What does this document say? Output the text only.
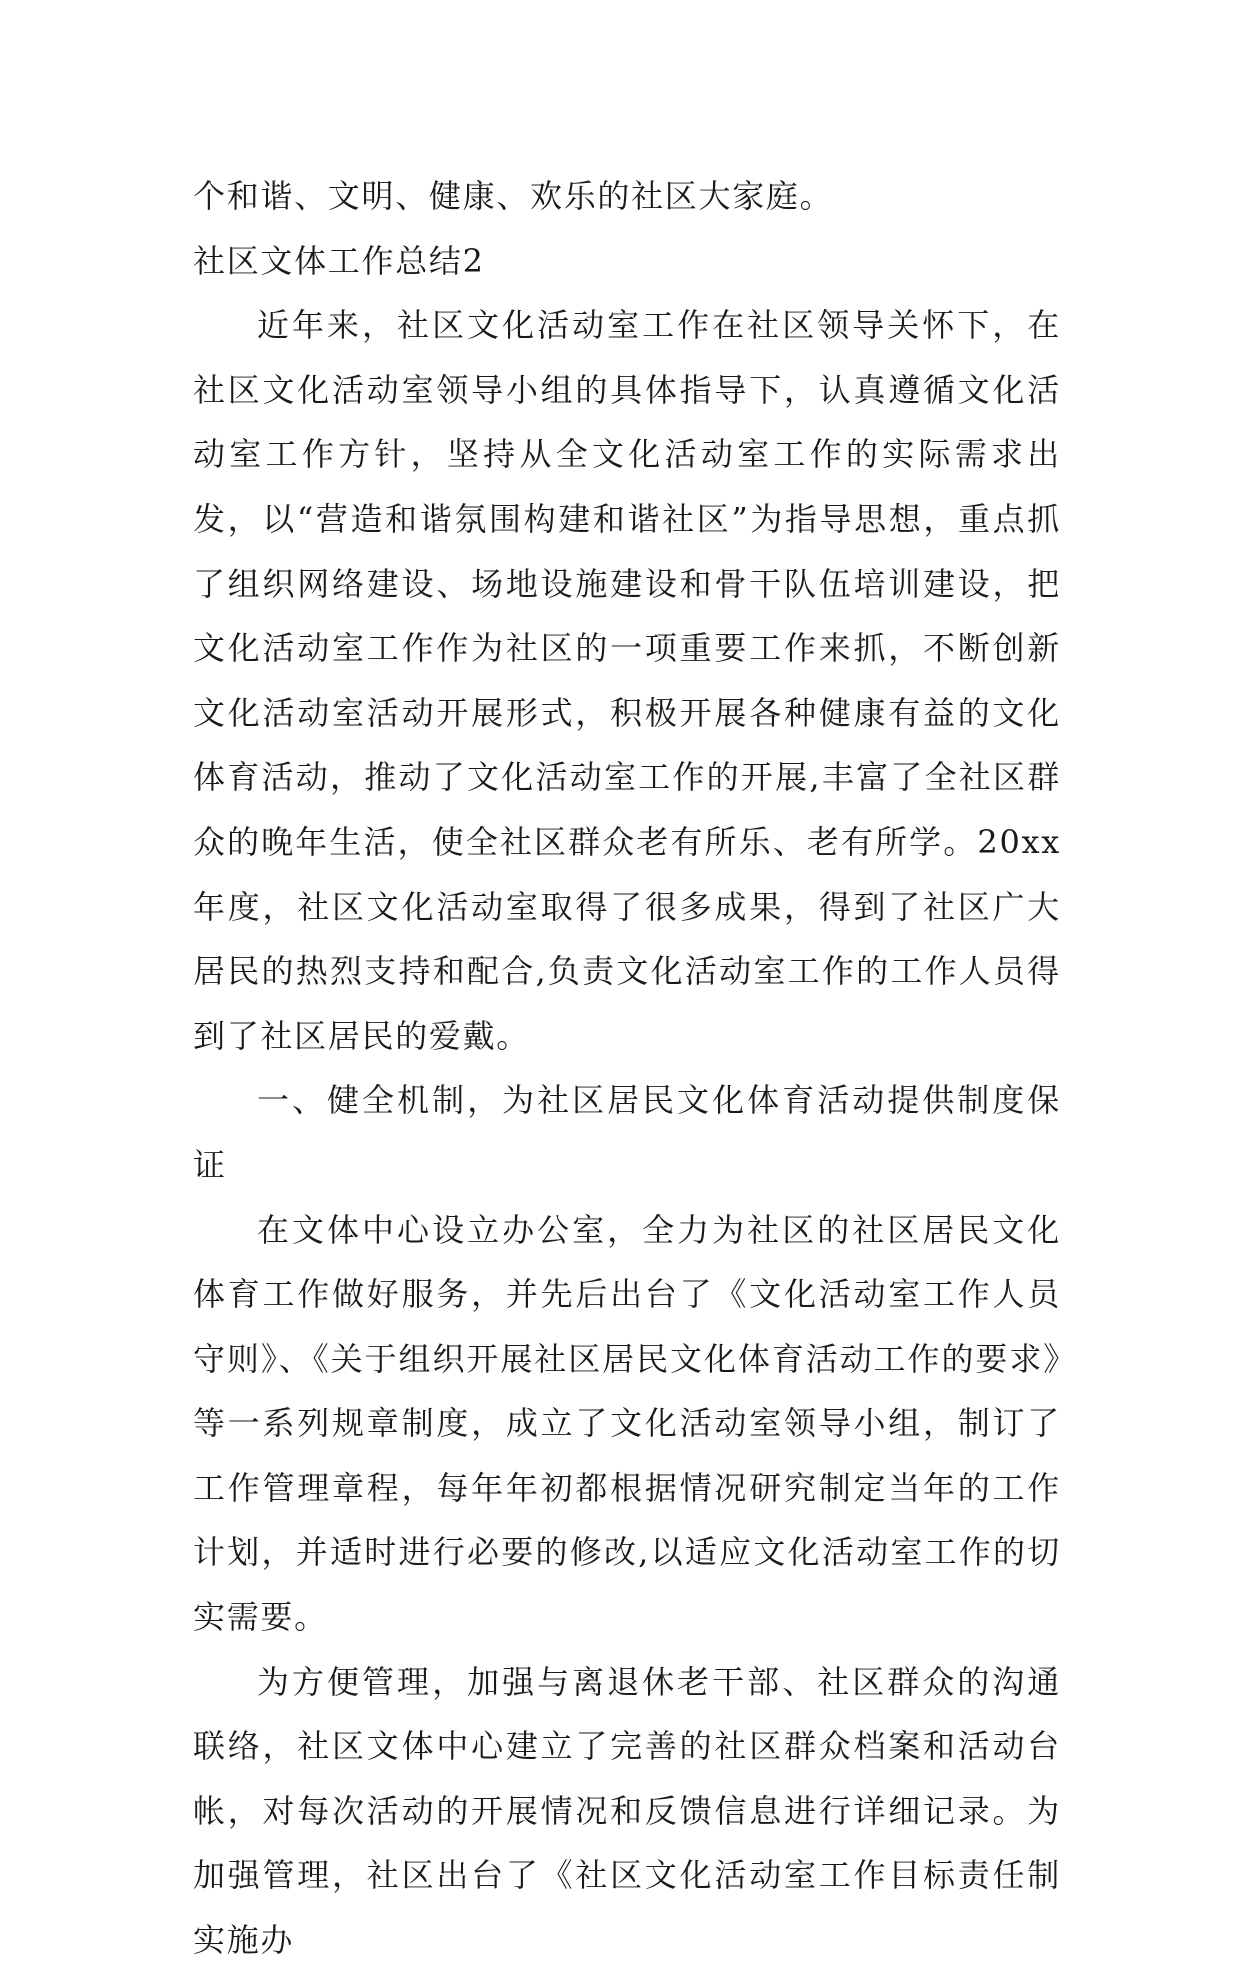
个和谐、文明、健康、欢乐的社区大家庭。

社区文体工作总结2

近年来，社区文化活动室工作在社区领导关怀下，在社区文化活动室领导小组的具体指导下，认真遵循文化活动室工作方针，坚持从全文化活动室工作的实际需求出发，以“营造和谐氛围构建和谐社区”为指导思想，重点抓了组织网络建设、场地设施建设和骨干队伍培训建设，把文化活动室工作作为社区的一项重要工作来抓，不断创新文化活动室活动开展形式，积极开展各种健康有益的文化体育活动，推动了文化活动室工作的开展,丰富了全社区群众的晚年生活，使全社区群众老有所乐、老有所学。20xx年度，社区文化活动室取得了很多成果，得到了社区广大居民的热烈支持和配合,负责文化活动室工作的工作人员得到了社区居民的爱戴。

一、健全机制，为社区居民文化体育活动提供制度保证

在文体中心设立办公室，全力为社区的社区居民文化体育工作做好服务，并先后出台了《文化活动室工作人员守则》、《关于组织开展社区居民文化体育活动工作的要求》等一系列规章制度，成立了文化活动室领导小组，制订了工作管理章程，每年年初都根据情况研究制定当年的工作计划，并适时进行必要的修改,以适应文化活动室工作的切实需要。

为方便管理，加强与离退休老干部、社区群众的沟通联络，社区文体中心建立了完善的社区群众档案和活动台帐，对每次活动的开展情况和反馈信息进行详细记录。为加强管理，社区出台了《社区文化活动室工作目标责任制实施办
